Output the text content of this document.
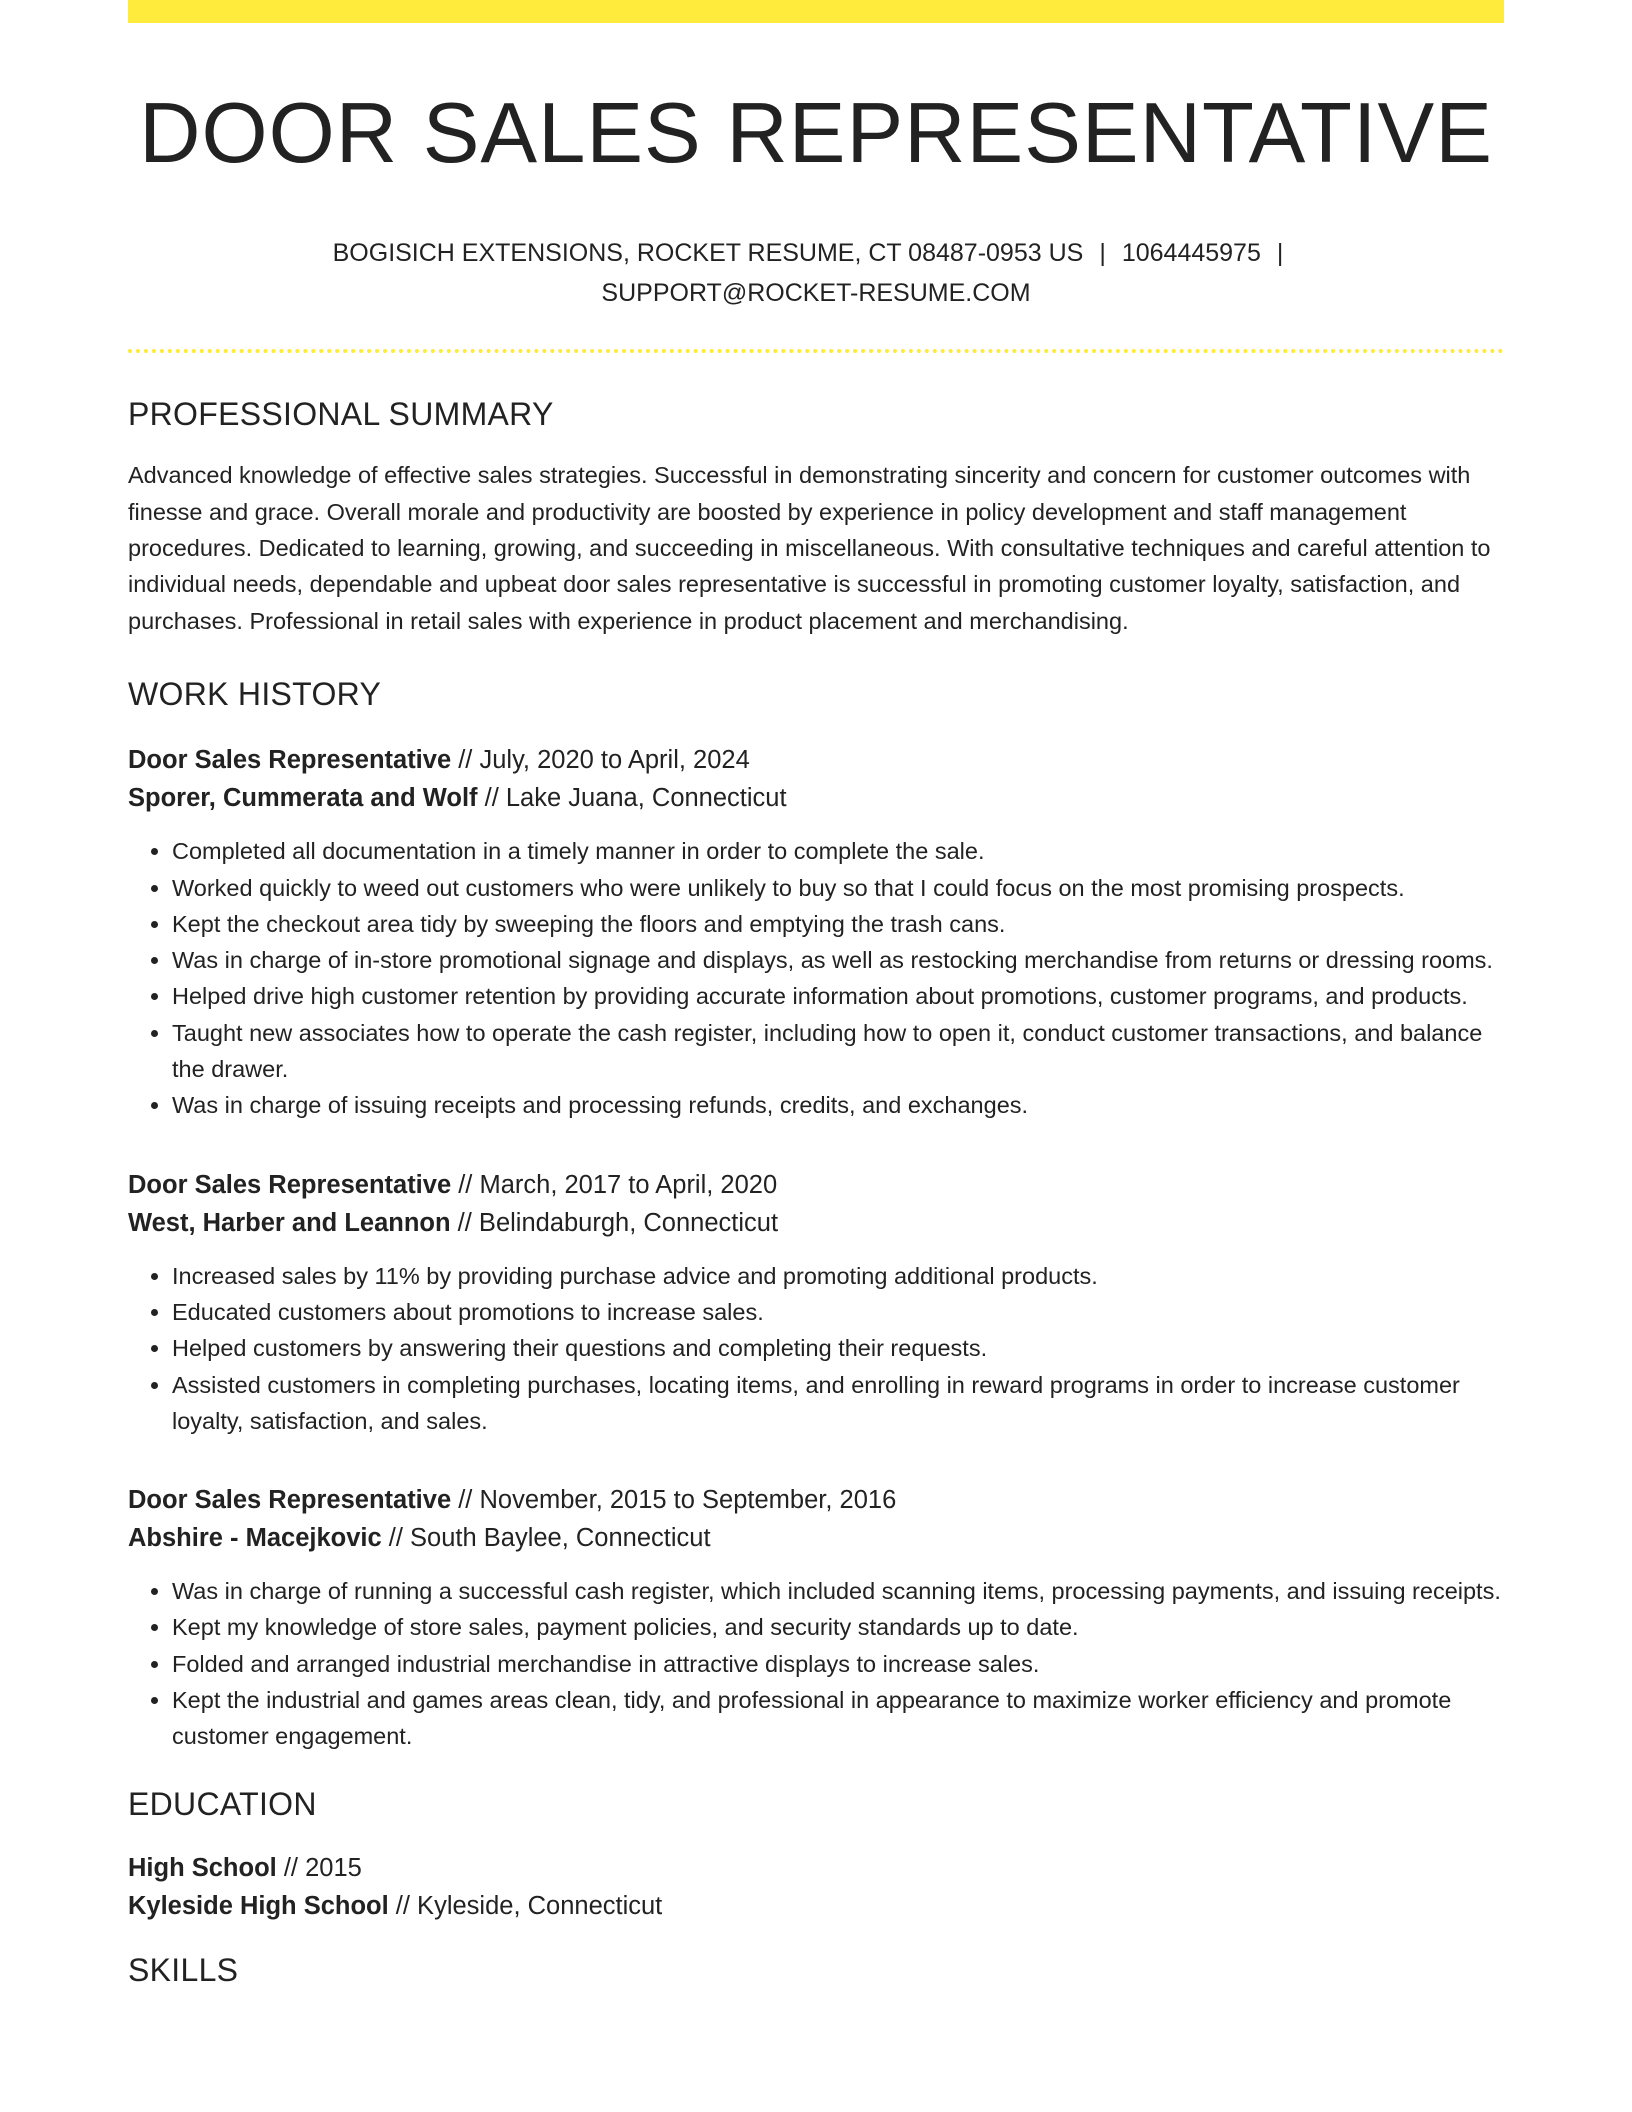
DOOR SALES REPRESENTATIVE
BOGISICH EXTENSIONS, ROCKET RESUME, CT 08487-0953 US | 1064445975 |
SUPPORT@ROCKET-RESUME.COM
PROFESSIONAL SUMMARY

Advanced knowledge of effective sales strategies. Successful in demonstrating sincerity and concern for customer outcomes with finesse and grace. Overall morale and productivity are boosted by experience in policy development and staff management procedures. Dedicated to learning, growing, and succeeding in miscellaneous. With consultative techniques and careful attention to individual needs, dependable and upbeat door sales representative is successful in promoting customer loyalty, satisfaction, and purchases. Professional in retail sales with experience in product placement and merchandising.

WORK HISTORY
Door Sales Representative // July, 2020 to April, 2024
Sporer, Cummerata and Wolf // Lake Juana, Connecticut
• Completed all documentation in a timely manner in order to complete the sale.
• Worked quickly to weed out customers who were unlikely to buy so that I could focus on the most promising prospects.
• Kept the checkout area tidy by sweeping the floors and emptying the trash cans.
• Was in charge of in-store promotional signage and displays, as well as restocking merchandise from returns or dressing rooms.
• Helped drive high customer retention by providing accurate information about promotions, customer programs, and products.
• Taught new associates how to operate the cash register, including how to open it, conduct customer transactions, and balance the drawer.
• Was in charge of issuing receipts and processing refunds, credits, and exchanges.
Door Sales Representative // March, 2017 to April, 2020
West, Harber and Leannon // Belindaburgh, Connecticut
• Increased sales by 11% by providing purchase advice and promoting additional products.
• Educated customers about promotions to increase sales.
• Helped customers by answering their questions and completing their requests.
• Assisted customers in completing purchases, locating items, and enrolling in reward programs in order to increase customer loyalty, satisfaction, and sales.
Door Sales Representative // November, 2015 to September, 2016
Abshire - Macejkovic // South Baylee, Connecticut
• Was in charge of running a successful cash register, which included scanning items, processing payments, and issuing receipts.
• Kept my knowledge of store sales, payment policies, and security standards up to date.
• Folded and arranged industrial merchandise in attractive displays to increase sales.
• Kept the industrial and games areas clean, tidy, and professional in appearance to maximize worker efficiency and promote customer engagement.
EDUCATION
High School // 2015
Kyleside High School // Kyleside, Connecticut
SKILLS
